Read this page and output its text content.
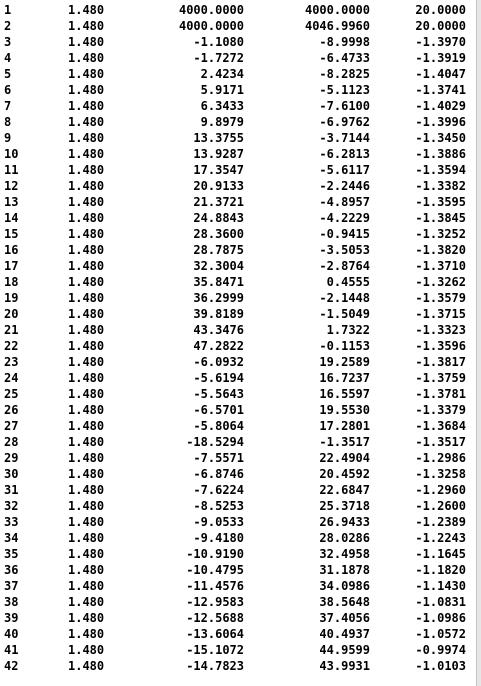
1	1.480	4000.0000	4000.0000	20.0000
2	1.480	4000.0000	4046.9960	20.0000
3	1.480	-1.1080	-8.9998	-1.3970
4	1.480	-1.7272	-6.4733	-1.3919
5	1.480	2.4234	-8.2825	-1.4047
6	1.480	5.9171	-5.1123	-1.3741
7	1.480	6.3433	-7.6100	-1.4029
8	1.480	9.8979	-6.9762	-1.3996
9	1.480	13.3755	-3.7144	-1.3450
10	1.480	13.9287	-6.2813	-1.3886
11	1.480	17.3547	-5.6117	-1.3594
12	1.480	20.9133	-2.2446	-1.3382
13	1.480	21.3721	-4.8957	-1.3595
14	1.480	24.8843	-4.2229	-1.3845
15	1.480	28.3600	-0.9415	-1.3252
16	1.480	28.7875	-3.5053	-1.3820
17	1.480	32.3004	-2.8764	-1.3710
18	1.480	35.8471	0.4555	-1.3262
19	1.480	36.2999	-2.1448	-1.3579
20	1.480	39.8189	-1.5049	-1.3715
21	1.480	43.3476	1.7322	-1.3323
22	1.480	47.2822	-0.1153	-1.3596
23	1.480	-6.0932	19.2589	-1.3817
24	1.480	-5.6194	16.7237	-1.3759
25	1.480	-5.5643	16.5597	-1.3781
26	1.480	-6.5701	19.5530	-1.3379
27	1.480	-5.8064	17.2801	-1.3684
28	1.480	-18.5294	-1.3517	-1.3517
29	1.480	-7.5571	22.4904	-1.2986
30	1.480	-6.8746	20.4592	-1.3258
31	1.480	-7.6224	22.6847	-1.2960
32	1.480	-8.5253	25.3718	-1.2600
33	1.480	-9.0533	26.9433	-1.2389
34	1.480	-9.4180	28.0286	-1.2243
35	1.480	-10.9190	32.4958	-1.1645
36	1.480	-10.4795	31.1878	-1.1820
37	1.480	-11.4576	34.0986	-1.1430
38	1.480	-12.9583	38.5648	-1.0831
39	1.480	-12.5688	37.4056	-1.0986
40	1.480	-13.6064	40.4937	-1.0572
41	1.480	-15.1072	44.9599	-0.9974
42	1.480	-14.7823	43.9931	-1.0103
